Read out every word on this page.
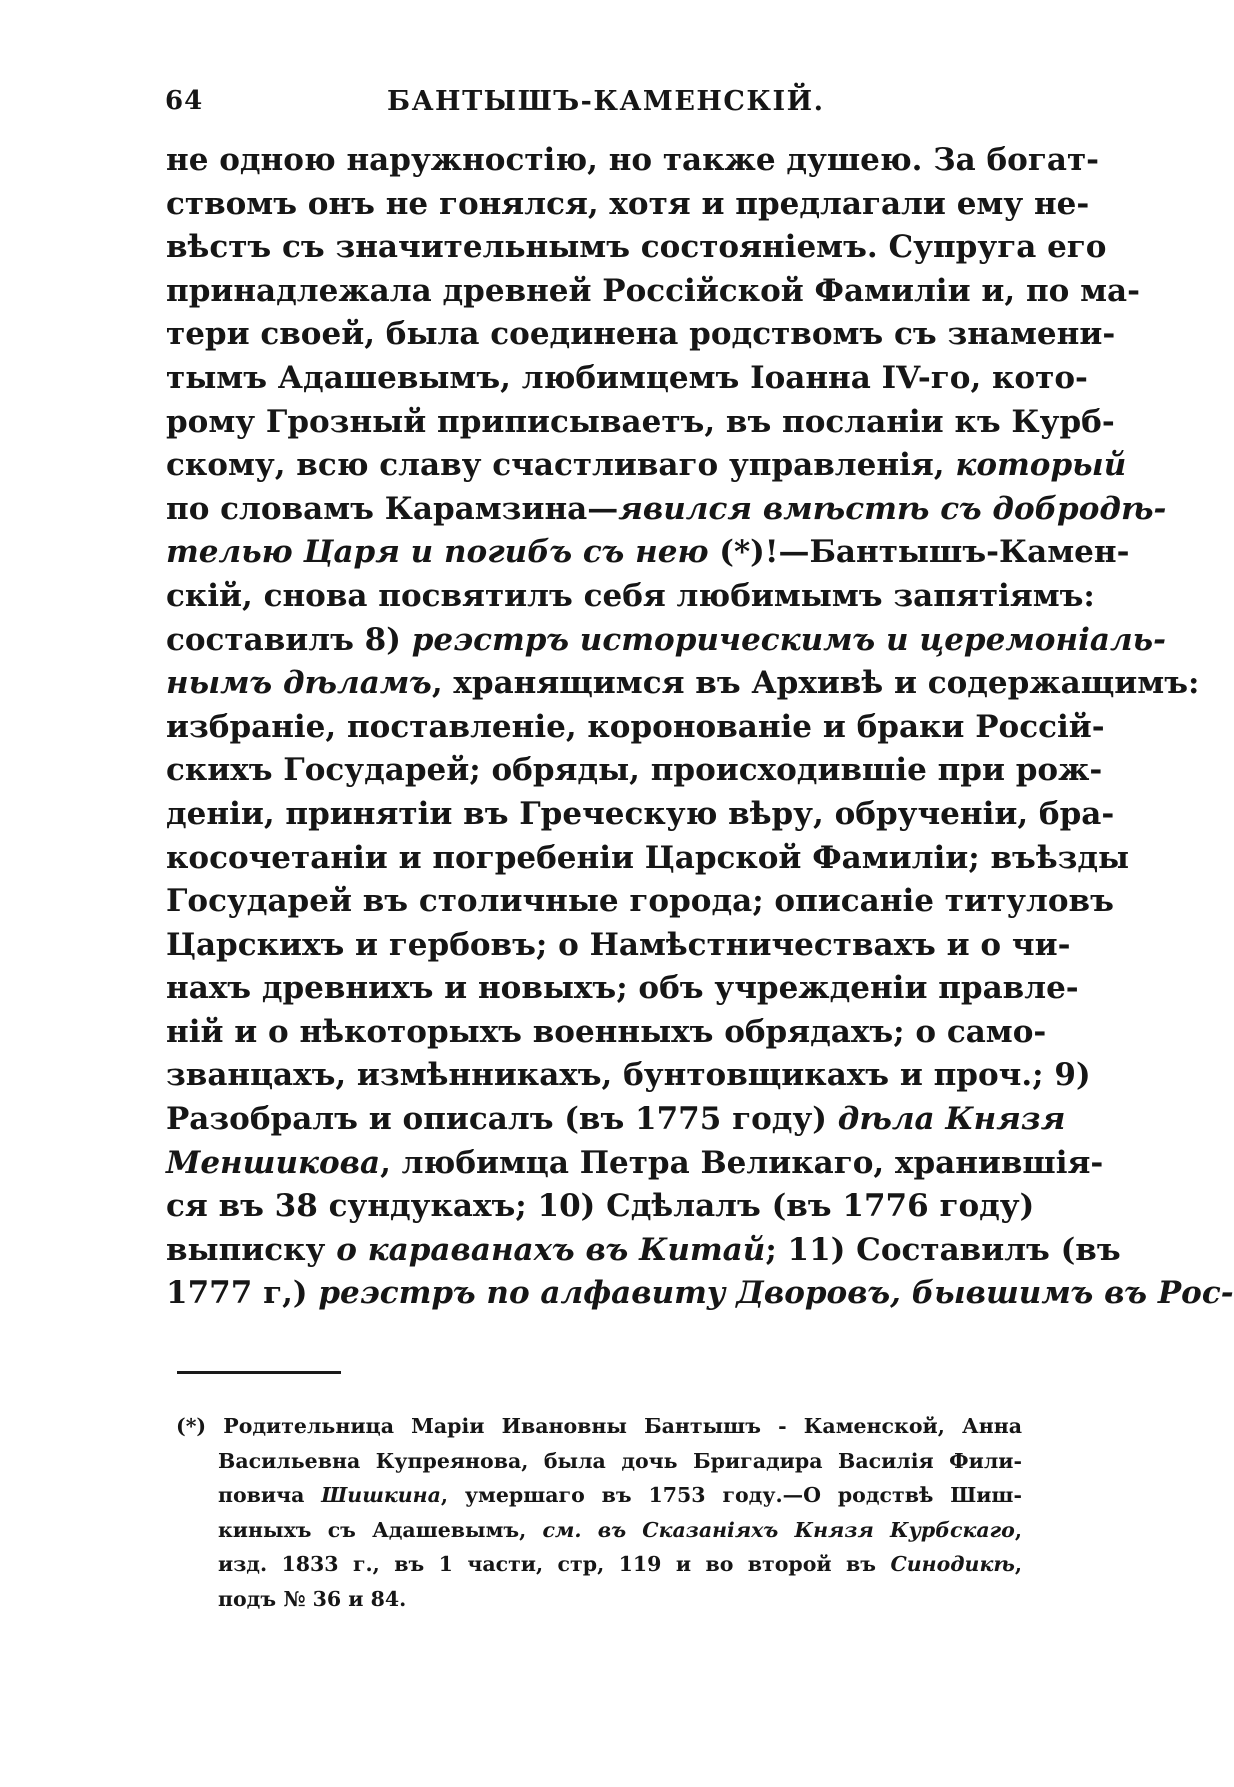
64	БАНТЫШЪ-КАМЕНСКIЙ.
не одною наружностію, но также душею. За богат-
ствомъ онъ не гонялся, хотя и предлагали ему не-
вѣстъ съ значительнымъ состояніемъ. Супруга его
принадлежала древней Россійской Фамиліи и, по ма-
тери своей, была соединена родствомъ съ знамени-
тымъ Адашевымъ, любимцемъ Іоанна IV-го, кото-
рому Грозный приписываетъ, въ посланіи къ Курб-
скому, всю славу счастливаго управленія, который
по словамъ Карамзина—явился вмѣстѣ съ добродѣ-
телью Царя и погибъ съ нею (*)!—Бантышъ-Камен-
скій, снова посвятилъ себя любимымъ запятіямъ:
составилъ 8) реэстръ историческимъ и церемоніаль-
нымъ дѣламъ, хранящимся въ Архивѣ и содержащимъ:
избраніе, поставленіе, коронованіе и браки Россій-
скихъ Государей; обряды, происходившіе при рож-
деніи, принятіи въ Греческую вѣру, обрученіи, бра-
косочетаніи и погребеніи Царской Фамиліи; въѣзды
Государей въ столичные города; описаніе титуловъ
Царскихъ и гербовъ; о Намѣстничествахъ и о чи-
нахъ древнихъ и новыхъ; объ учрежденіи правле-
ній и о нѣкоторыхъ военныхъ обрядахъ; о само-
званцахъ, измѣнникахъ, бунтовщикахъ и проч.; 9)
Разобралъ и описалъ (въ 1775 году) дѣла Князя
Меншикова, любимца Петра Великаго, хранившія-
ся въ 38 сундукахъ; 10) Сдѣлалъ (въ 1776 году)
выписку о караванахъ въ Китай; 11) Составилъ (въ
1777 г,) реэстръ по алфавиту Дворовъ, бывшимъ въ Рос-
(*) Родительница Маріи Ивановны Бантышъ - Каменской, Анна
Васильевна Купреянова, была дочь Бригадира Василія Фили-
повича Шишкина, умершаго въ 1753 году.—О родствѣ Шиш-
киныхъ съ Адашевымъ, см. въ Сказаніяхъ Князя Курбскаго,
изд. 1833 г., въ 1 части, стр, 119 и во второй въ Синодикѣ,
подъ № 36 и 84.
